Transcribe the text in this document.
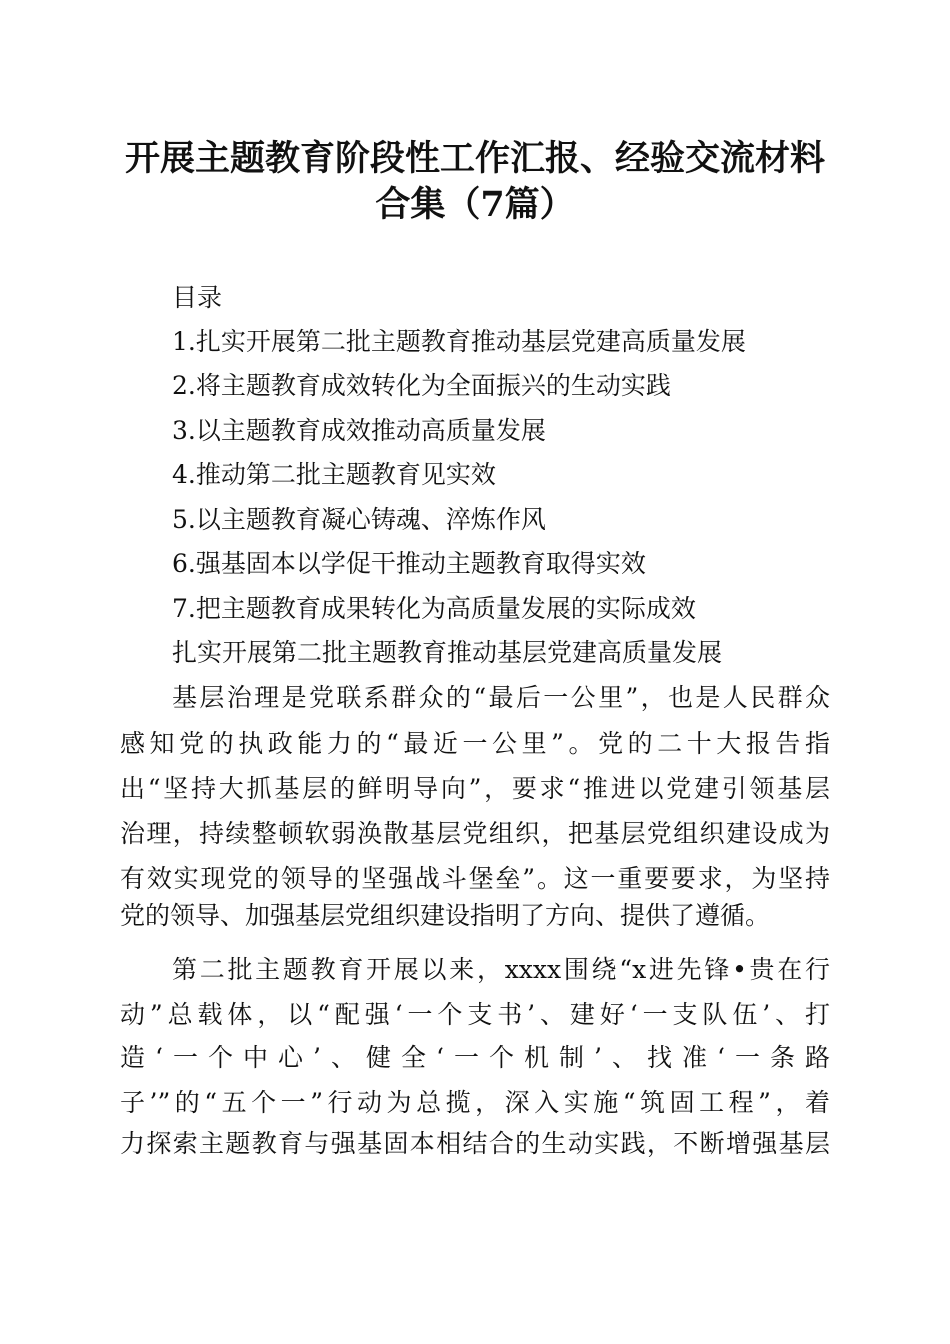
开展主题教育阶段性工作汇报、经验交流材料
合集（7篇）

目录

1.扎实开展第二批主题教育推动基层党建高质量发展

2.将主题教育成效转化为全面振兴的生动实践

3.以主题教育成效推动高质量发展

4.推动第二批主题教育见实效

5.以主题教育凝心铸魂、淬炼作风

6.强基固本以学促干推动主题教育取得实效

7.把主题教育成果转化为高质量发展的实际成效

扎实开展第二批主题教育推动基层党建高质量发展

基层治理是党联系群众的“最后一公里”，也是人民群众

感知党的执政能力的“最近一公里”。党的二十大报告指

出“坚持大抓基层的鲜明导向”，要求“推进以党建引领基层

治理，持续整顿软弱涣散基层党组织，把基层党组织建设成为

有效实现党的领导的坚强战斗堡垒”。这一重要要求，为坚持

党的领导、加强基层党组织建设指明了方向、提供了遵循。

第二批主题教育开展以来，xxxx围绕“x进先锋•贵在行

动”总载体，以“配强‘一个支书’、建好‘一支队伍’、打

造‘一个中心’、健全‘一个机制’、找准‘一条路

子’”的“五个一”行动为总揽，深入实施“筑固工程”，着

力探索主题教育与强基固本相结合的生动实践，不断增强基层
